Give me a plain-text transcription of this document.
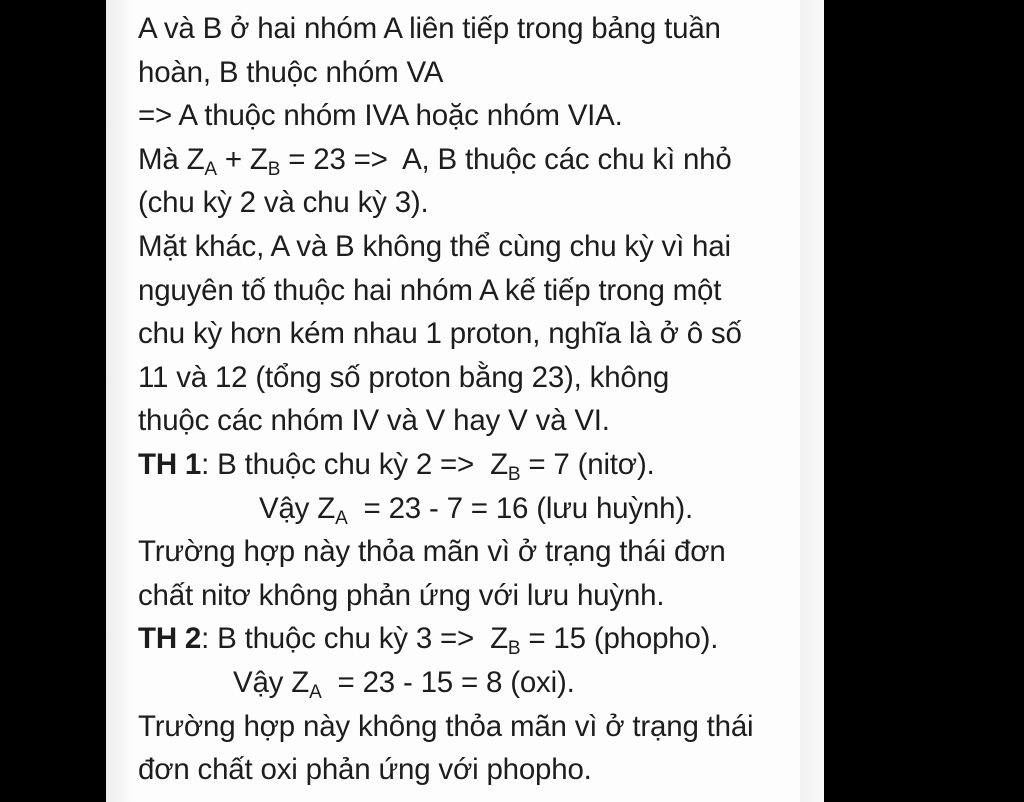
A và B ở hai nhóm A liên tiếp trong bảng tuần
hoàn, B thuộc nhóm VA
=> A thuộc nhóm IVA hoặc nhóm VIA.
Mà $Z_A + Z_B = 23 => A$, B thuộc các chu kì nhỏ
(chu kỳ 2 và chu kỳ 3).
Mặt khác, A và B không thể cùng chu kỳ vì hai
nguyên tố thuộc hai nhóm A kế tiếp trong một
chu kỳ hơn kém nhau 1 proton, nghĩa là ở ô số
11 và 12 (tổng số proton bằng 23), không
thuộc các nhóm IV và V hay V và VI.
TH 1: B thuộc chu kỳ $2 => Z_B = 7$ (nitơ).
Vậy $Z_A = 23 - 7 = 16$ (lưu huỳnh).
Trường hợp này thỏa mãn vì ở trạng thái đơn
chất nitơ không phản ứng với lưu huỳnh.
TH 2: B thuộc chu kỳ $3 => Z_B = 15$ (phopho).
Vậy $Z_A = 23 - 15 = 8$ (oxi).
Trường hợp này không thỏa mãn vì ở trạng thái
đơn chất oxi phản ứng với phopho.
